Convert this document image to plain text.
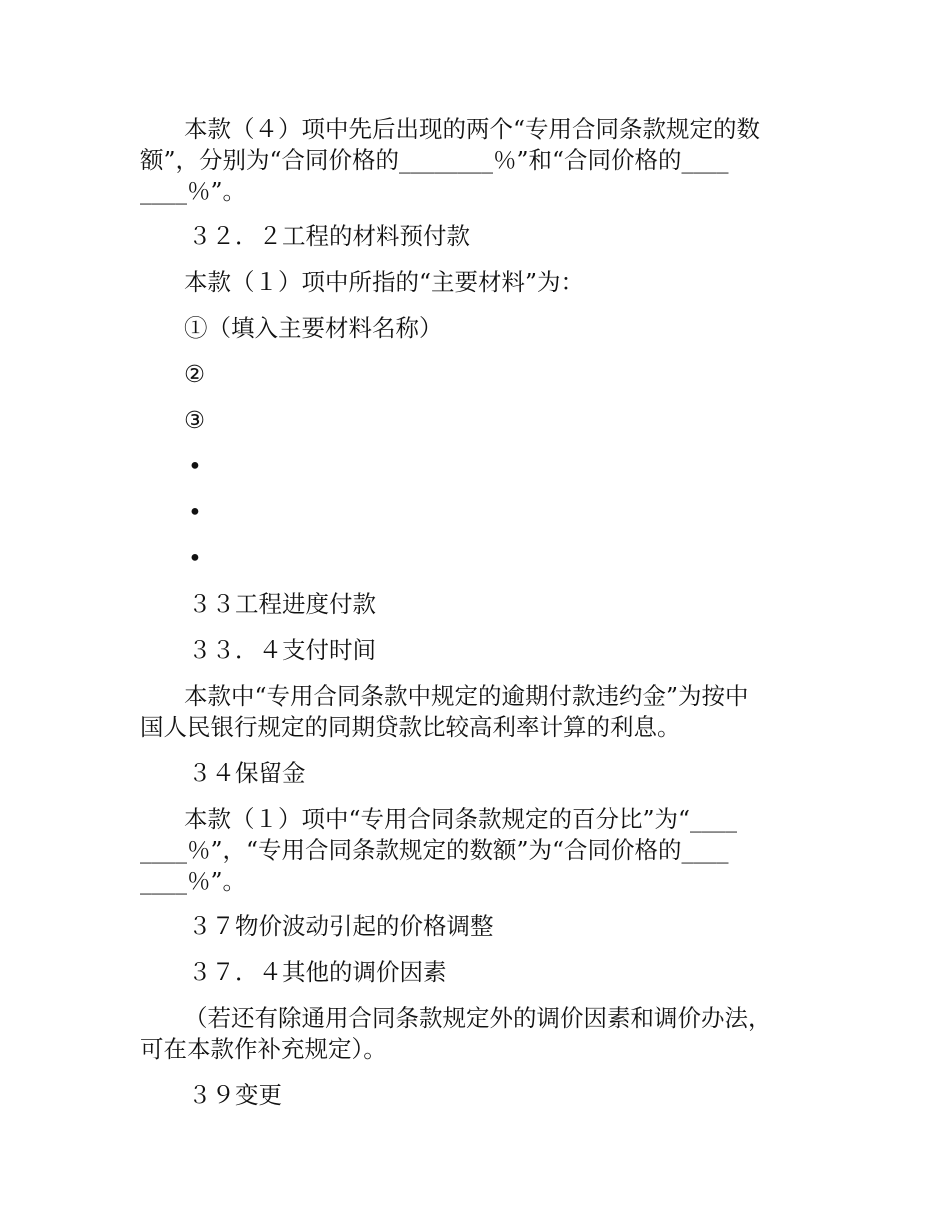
本款（４）项中先后出现的两个“专用合同条款规定的数

额”，分别为“合同价格的________％”和“合同价格的____

____％”。

３２．２工程的材料预付款

本款（１）项中所指的“主要材料”为：

①（填入主要材料名称）

②

③

•

•

•

３３工程进度付款

３３．４支付时间

本款中“专用合同条款中规定的逾期付款违约金”为按中

国人民银行规定的同期贷款比较高利率计算的利息。

３４保留金

本款（１）项中“专用合同条款规定的百分比”为“____

____％”，“专用合同条款规定的数额”为“合同价格的____

____％”。

３７物价波动引起的价格调整

３７．４其他的调价因素

（若还有除通用合同条款规定外的调价因素和调价办法，

可在本款作补充规定）。

３９变更
